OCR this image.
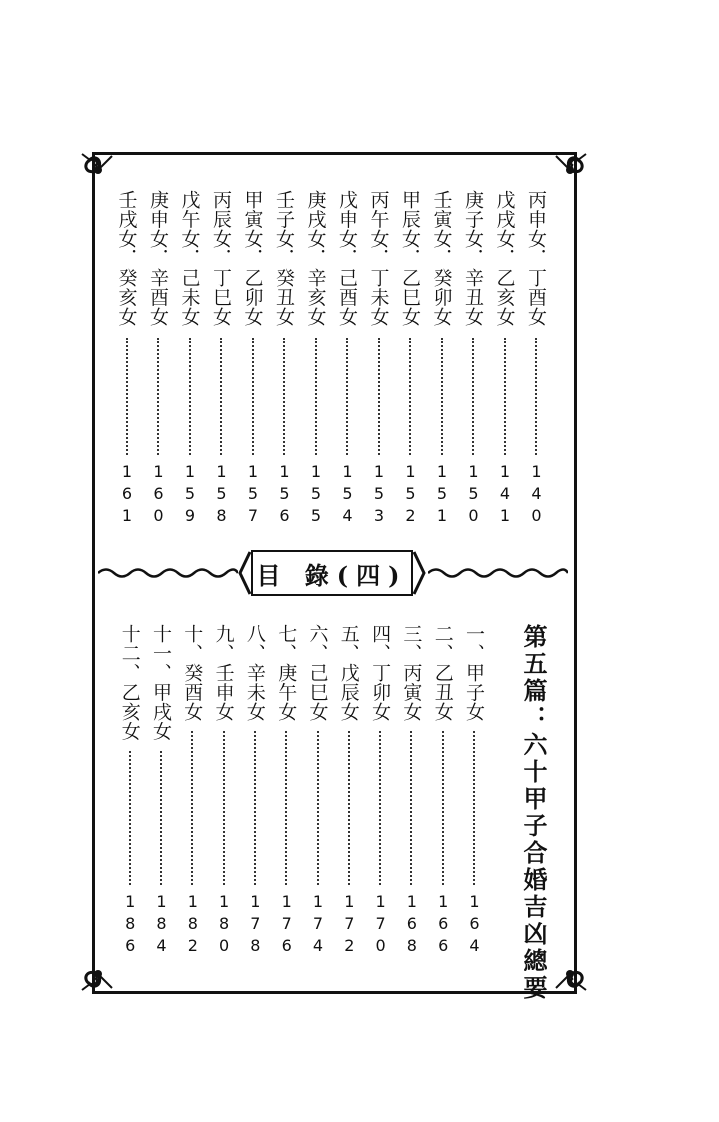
目 錄(四)
第五篇：六十甲子合婚吉凶總要
丙申女．丁酉女
140
戊戌女．乙亥女
141
庚子女．辛丑女
150
壬寅女．癸卯女
151
甲辰女．乙巳女
152
丙午女．丁未女
153
戊申女．己酉女
154
庚戌女．辛亥女
155
壬子女．癸丑女
156
甲寅女．乙卯女
157
丙辰女．丁巳女
158
戊午女．己未女
159
庚申女．辛酉女
160
壬戌女．癸亥女
161
一、甲子女
164
二、乙丑女
166
三、丙寅女
168
四、丁卯女
170
五、戊辰女
172
六、己巳女
174
七、庚午女
176
八、辛未女
178
九、壬申女
180
十、癸酉女
182
十一、甲戌女
184
十二、乙亥女
186
